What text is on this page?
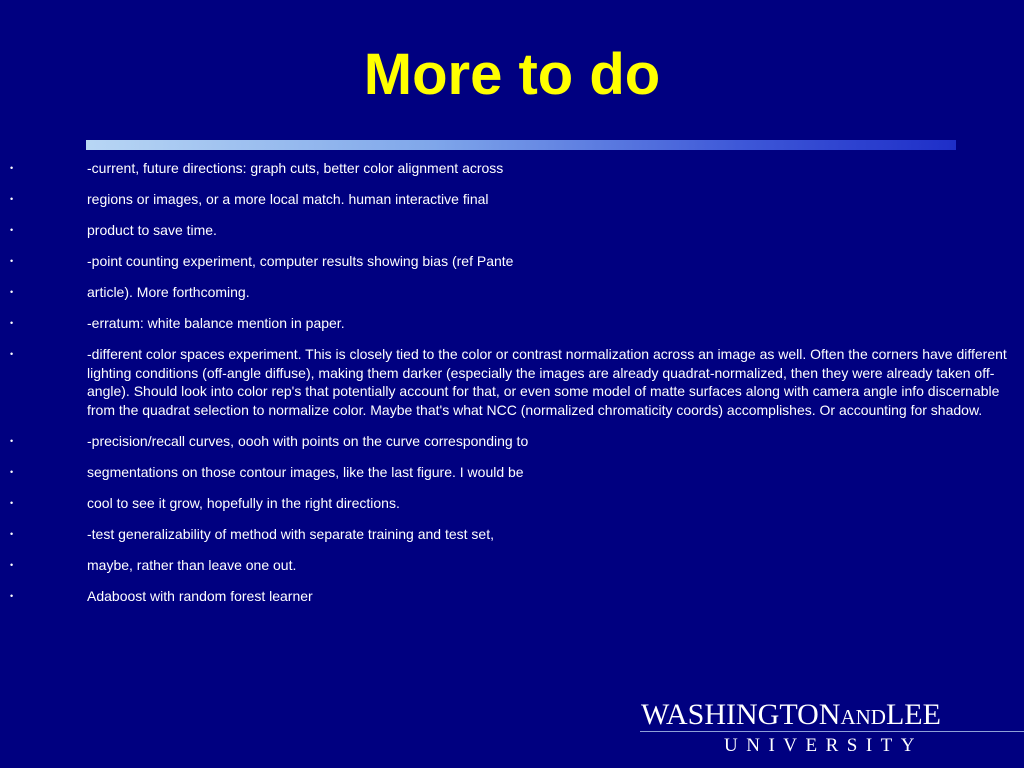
More to do
•	-current, future directions: graph cuts, better color alignment across
•	regions or images, or a more local match. human interactive final
•	product to save time.
•	-point counting experiment, computer results showing bias (ref Pante
•	article). More forthcoming.
•	-erratum: white balance mention in paper.
•	-different color spaces experiment. This is closely tied to the color or contrast normalization across an image as well. Often the corners have different lighting conditions (off-angle diffuse), making them darker (especially the images are already quadrat-normalized, then they were already taken off-angle). Should look into color rep's that potentially account for that, or even some model of matte surfaces along with camera angle info discernable from the quadrat selection to normalize color. Maybe that's what NCC (normalized chromaticity coords) accomplishes. Or accounting for shadow.
•	-precision/recall curves, oooh with points on the curve corresponding to
•	segmentations on those contour images, like the last figure. I would be
•	cool to see it grow, hopefully in the right directions.
•	-test generalizability of method with separate training and test set,
•	maybe, rather than leave one out.
•	Adaboost with random forest learner
WASHINGTONANDLEE
UNIVERSITY
